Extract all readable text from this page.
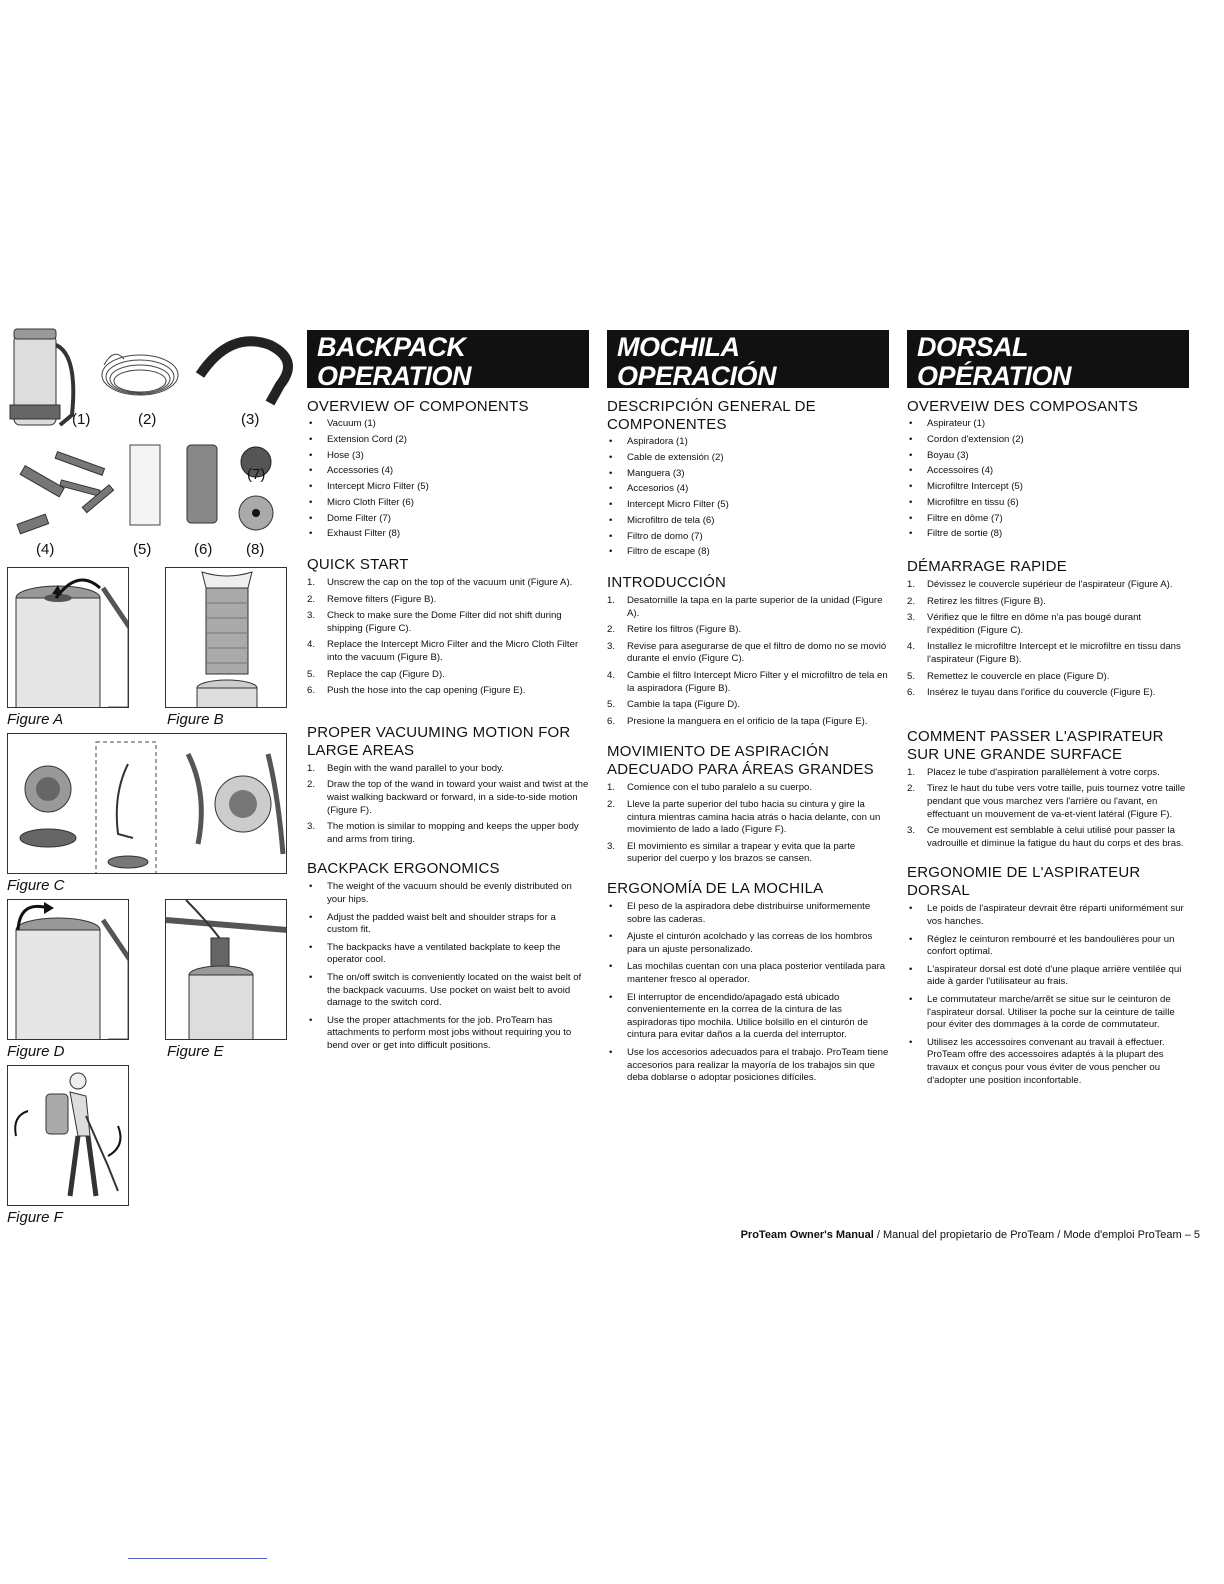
(1)	(2)	(3)
(7)
(4)	(5)	(6) (8)
Figure A	Figure B
Figure C
Figure D	Figure E
Figure F
BACKPACK
OPERATION
OVERVIEW OF COMPONENTS
• Vacuum (1)
• Extension Cord (2)
• Hose (3)
• Accessories (4)
• Intercept Micro Filter (5)
• Micro Cloth Filter (6)
• Dome Filter (7)
• Exhaust Filter (8)
QUICK START
1. Unscrew the cap on the top of the vacuum unit (Figure A).
2. Remove filters (Figure B).
3. Check to make sure the Dome Filter did not shift during shipping (Figure C).
4. Replace the Intercept Micro Filter and the Micro Cloth Filter into the vacuum (Figure B).
5. Replace the cap (Figure D).
6. Push the hose into the cap opening (Figure E).
PROPER VACUUMING MOTION FOR LARGE AREAS
1. Begin with the wand parallel to your body.
2. Draw the top of the wand in toward your waist and twist at the waist walking backward or forward, in a side-to-side motion (Figure F).
3. The motion is similar to mopping and keeps the upper body and arms from tiring.
BACKPACK ERGONOMICS
• The weight of the vacuum should be evenly distributed on your hips.
• Adjust the padded waist belt and shoulder straps for a custom fit.
• The backpacks have a ventilated backplate to keep the operator cool.
• The on/off switch is conveniently located on the waist belt of the backpack vacuums. Use pocket on waist belt to avoid damage to the switch cord.
• Use the proper attachments for the job. ProTeam has attachments to perform most jobs without requiring you to bend over or get into difficult positions.
MOCHILA
OPERACIÓN
DESCRIPCIÓN GENERAL DE COMPONENTES
• Aspiradora (1)
• Cable de extensión (2)
• Manguera (3)
• Accesorios (4)
• Intercept Micro Filter (5)
• Microfiltro de tela (6)
• Filtro de domo (7)
• Filtro de escape (8)
INTRODUCCIÓN
1. Desatornille la tapa en la parte superior de la unidad (Figure A).
2. Retire los filtros (Figure B).
3. Revise para asegurarse de que el filtro de domo no se movió durante el envío (Figure C).
4. Cambie el filtro Intercept Micro Filter y el microfiltro de tela en la aspiradora (Figure B).
5. Cambie la tapa (Figure D).
6. Presione la manguera en el orificio de la tapa (Figure E).
MOVIMIENTO DE ASPIRACIÓN ADECUADO PARA ÁREAS GRANDES
1. Comience con el tubo paralelo a su cuerpo.
2. Lleve la parte superior del tubo hacia su cintura y gire la cintura mientras camina hacia atrás o hacia delante, con un movimiento de lado a lado (Figure F).
3. El movimiento es similar a trapear y evita que la parte superior del cuerpo y los brazos se cansen.
ERGONOMÍA DE LA MOCHILA
• El peso de la aspiradora debe distribuirse uniformemente sobre las caderas.
• Ajuste el cinturón acolchado y las correas de los hombros para un ajuste personalizado.
• Las mochilas cuentan con una placa posterior ventilada para mantener fresco al operador.
• El interruptor de encendido/apagado está ubicado convenientemente en la correa de la cintura de las aspiradoras tipo mochila. Utilice bolsillo en el cinturón de cintura para evitar daños a la cuerda del interruptor.
• Use los accesorios adecuados para el trabajo. ProTeam tiene accesorios para realizar la mayoría de los trabajos sin que deba doblarse o adoptar posiciones difíciles.
DORSAL
OPÉRATION
OVERVEIW DES COMPOSANTS
• Aspirateur (1)
• Cordon d'extension (2)
• Boyau (3)
• Accessoires (4)
• Microfiltre Intercept (5)
• Microfiltre en tissu (6)
• Filtre en dôme (7)
• Filtre de sortie (8)
DÉMARRAGE RAPIDE
1. Dévissez le couvercle supérieur de l'aspirateur (Figure A).
2. Retirez les filtres (Figure B).
3. Vérifiez que le filtre en dôme n'a pas bougé durant l'expédition (Figure C).
4. Installez le microfiltre Intercept et le microfiltre en tissu dans l'aspirateur (Figure B).
5. Remettez le couvercle en place (Figure D).
6. Insérez le tuyau dans l'orifice du couvercle (Figure E).
COMMENT PASSER L'ASPIRATEUR SUR UNE GRANDE SURFACE
1. Placez le tube d'aspiration parallèlement à votre corps.
2. Tirez le haut du tube vers votre taille, puis tournez votre taille pendant que vous marchez vers l'arrière ou l'avant, en effectuant un mouvement de va-et-vient latéral (Figure F).
3. Ce mouvement est semblable à celui utilisé pour passer la vadrouille et diminue la fatigue du haut du corps et des bras.
ERGONOMIE DE L'ASPIRATEUR DORSAL
• Le poids de l'aspirateur devrait être réparti uniformément sur vos hanches.
• Réglez le ceinturon rembourré et les bandoulières pour un confort optimal.
• L'aspirateur dorsal est doté d'une plaque arrière ventilée qui aide à garder l'utilisateur au frais.
• Le commutateur marche/arrêt se situe sur le ceinturon de l'aspirateur dorsal. Utiliser la poche sur la ceinture de taille pour éviter des dommages à la corde de commutateur.
• Utilisez les accessoires convenant au travail à effectuer. ProTeam offre des accessoires adaptés à la plupart des travaux et conçus pour vous éviter de vous pencher ou d'adopter une position inconfortable.
ProTeam Owner's Manual / Manual del propietario de ProTeam / Mode d'emploi ProTeam – 5
